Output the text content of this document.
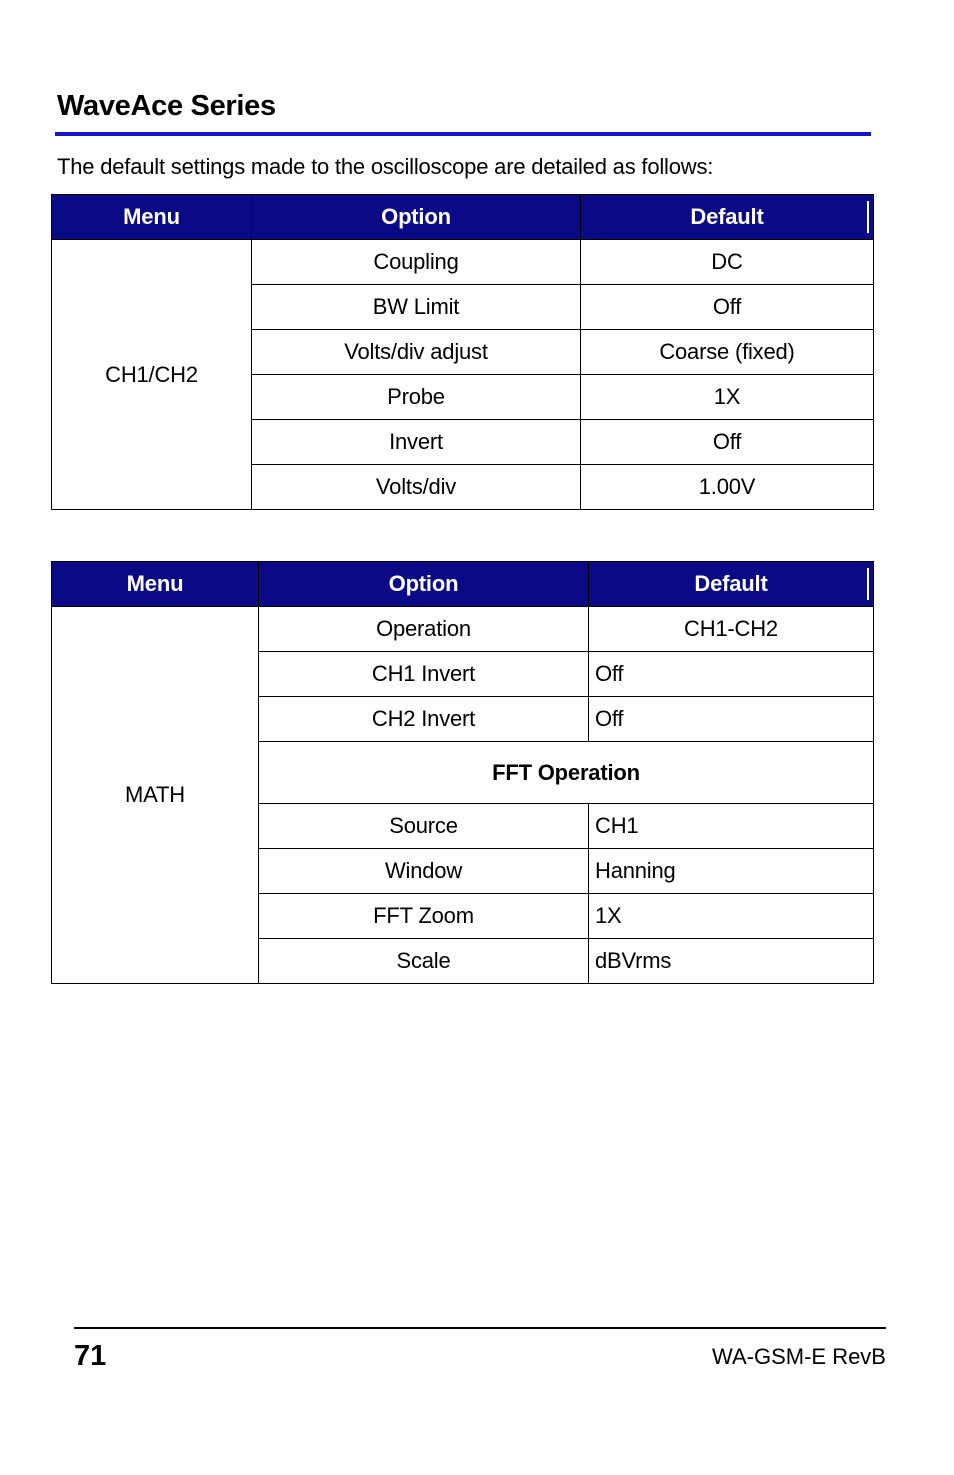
WaveAce Series

The default settings made to the oscilloscope are detailed as follows:

Menu	Option	Default
CH1/CH2	Coupling	DC
	BW Limit	Off
	Volts/div adjust	Coarse (fixed)
	Probe	1X
	Invert	Off
	Volts/div	1.00V
Menu	Option	Default
MATH	Operation	CH1-CH2
	CH1 Invert	Off
	CH2 Invert	Off
	FFT Operation	
	Source	CH1
	Window	Hanning
	FFT Zoom	1X
	Scale	dBVrms

71	WA-GSM-E RevB
